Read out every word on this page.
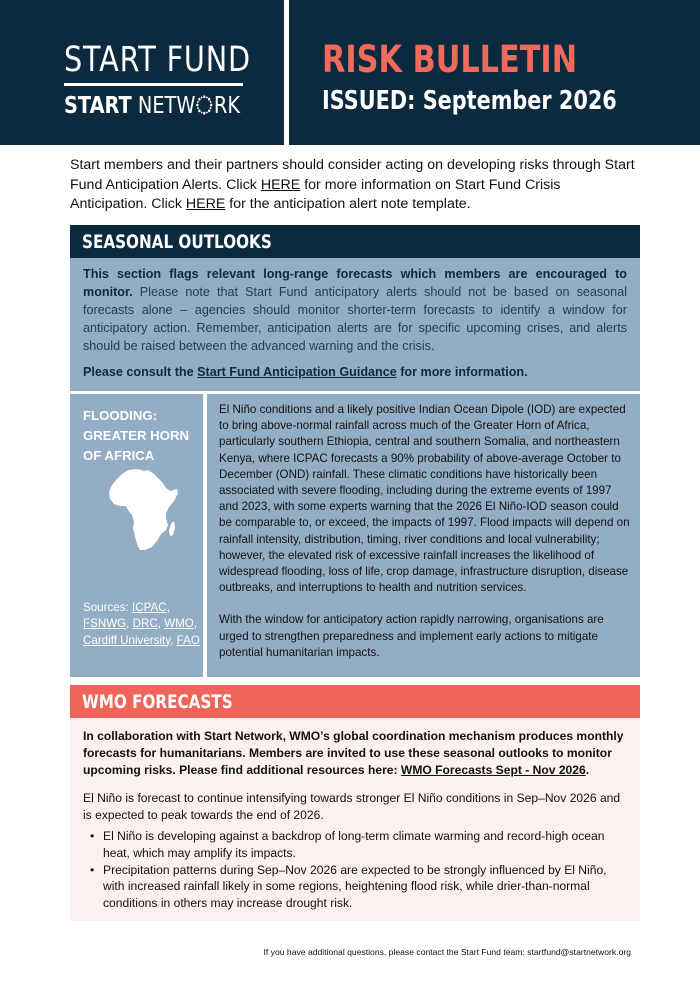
START FUND
START NETW RK
RISK BULLETIN
ISSUED: September 2026

Start members and their partners should consider acting on developing risks through Start Fund Anticipation Alerts. Click HERE for more information on Start Fund Crisis Anticipation. Click HERE for the anticipation alert note template.

SEASONAL OUTLOOKS

This section flags relevant long-range forecasts which members are encouraged to monitor. Please note that Start Fund anticipatory alerts should not be based on seasonal forecasts alone – agencies should monitor shorter-term forecasts to identify a window for anticipatory action. Remember, anticipation alerts are for specific upcoming crises, and alerts should be raised between the advanced warning and the crisis.

Please consult the Start Fund Anticipation Guidance for more information.

FLOODING: GREATER HORN OF AFRICA
Sources: ICPAC, FSNWG, DRC, WMO, Cardiff University, FAO

El Niño conditions and a likely positive Indian Ocean Dipole (IOD) are expected to bring above-normal rainfall across much of the Greater Horn of Africa, particularly southern Ethiopia, central and southern Somalia, and northeastern Kenya, where ICPAC forecasts a 90% probability of above-average October to December (OND) rainfall. These climatic conditions have historically been associated with severe flooding, including during the extreme events of 1997 and 2023, with some experts warning that the 2026 El Niño-IOD season could be comparable to, or exceed, the impacts of 1997. Flood impacts will depend on rainfall intensity, distribution, timing, river conditions and local vulnerability; however, the elevated risk of excessive rainfall increases the likelihood of widespread flooding, loss of life, crop damage, infrastructure disruption, disease outbreaks, and interruptions to health and nutrition services.

With the window for anticipatory action rapidly narrowing, organisations are urged to strengthen preparedness and implement early actions to mitigate potential humanitarian impacts.

WMO FORECASTS

In collaboration with Start Network, WMO’s global coordination mechanism produces monthly forecasts for humanitarians. Members are invited to use these seasonal outlooks to monitor upcoming risks. Please find additional resources here: WMO Forecasts Sept - Nov 2026.

El Niño is forecast to continue intensifying towards stronger El Niño conditions in Sep–Nov 2026 and is expected to peak towards the end of 2026.

• El Niño is developing against a backdrop of long-term climate warming and record-high ocean heat, which may amplify its impacts.
• Precipitation patterns during Sep–Nov 2026 are expected to be strongly influenced by El Niño, with increased rainfall likely in some regions, heightening flood risk, while drier-than-normal conditions in others may increase drought risk.
If you have additional questions, please contact the Start Fund team: startfund@startnetwork.org
